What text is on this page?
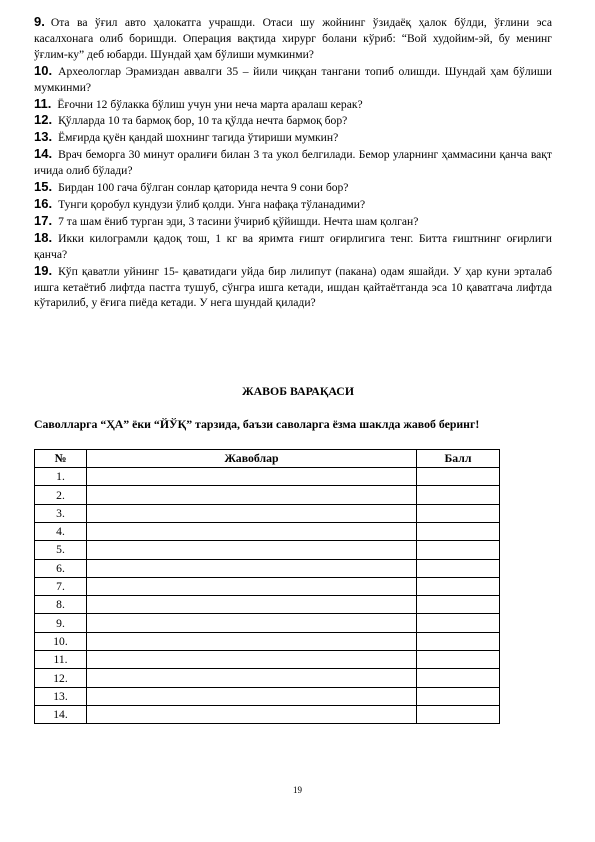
9. Ота ва ўғил авто ҳалокатга учрашди. Отаси шу жойнинг ўзидаёқ ҳалок бўлди, ўғлини эса касалхонага олиб боришди. Операция вақтида хирург болани кўриб: “Вой худойим-эй, бу менинг ўғлим-ку” деб юбарди. Шундай ҳам бўлиши мумкинми?

10. Археологлар Эрамиздан аввалги 35 – йили чиққан тангани топиб олишди. Шундай ҳам бўлиши мумкинми?

11. Ёғочни 12 бўлакка бўлиш учун уни неча марта аралаш керак?

12. Қўлларда 10 та бармоқ бор, 10 та қўлда нечта бармоқ бор?

13. Ёмғирда қуён қандай шохнинг тагида ўтириши мумкин?

14. Врач беморга 30 минут оралиғи билан 3 та укол белгилади. Бемор уларнинг ҳаммасини қанча вақт ичида олиб бўлади?

15. Бирдан 100 гача бўлган сонлар қаторида нечта 9 сони бор?

16. Тунги қоробул кундузи ўлиб қолди. Унга нафақа тўланадими?

17. 7 та шам ёниб турган эди, 3 тасини ўчириб қўйишди. Нечта шам қолган?

18. Икки килограмли қадоқ тош, 1 кг ва яримта ғишт оғирлигига тенг. Битта ғиштнинг оғирлиги қанча?

19. Кўп қаватли уйнинг 15- қаватидаги уйда бир лилипут (пакана) одам яшайди. У ҳар куни эрталаб ишга кетаётиб лифтда пастга тушуб, сўнгра ишга кетади, ишдан қайтаётганда эса 10 қаватгача лифтда кўтарилиб, у ёғига пиёда кетади. У нега шундай қилади?

ЖАВОБ ВАРАҚАСИ

Саволларга “ҲА” ёки “ЙЎҚ” тарзида, баъзи саволарга ёзма шаклда жавоб беринг!

№	Жавоблар	Балл
1.		
2.		
3.		
4.		
5.		
6.		
7.		
8.		
9.		
10.		
11.		
12.		
13.		
14.		
19
